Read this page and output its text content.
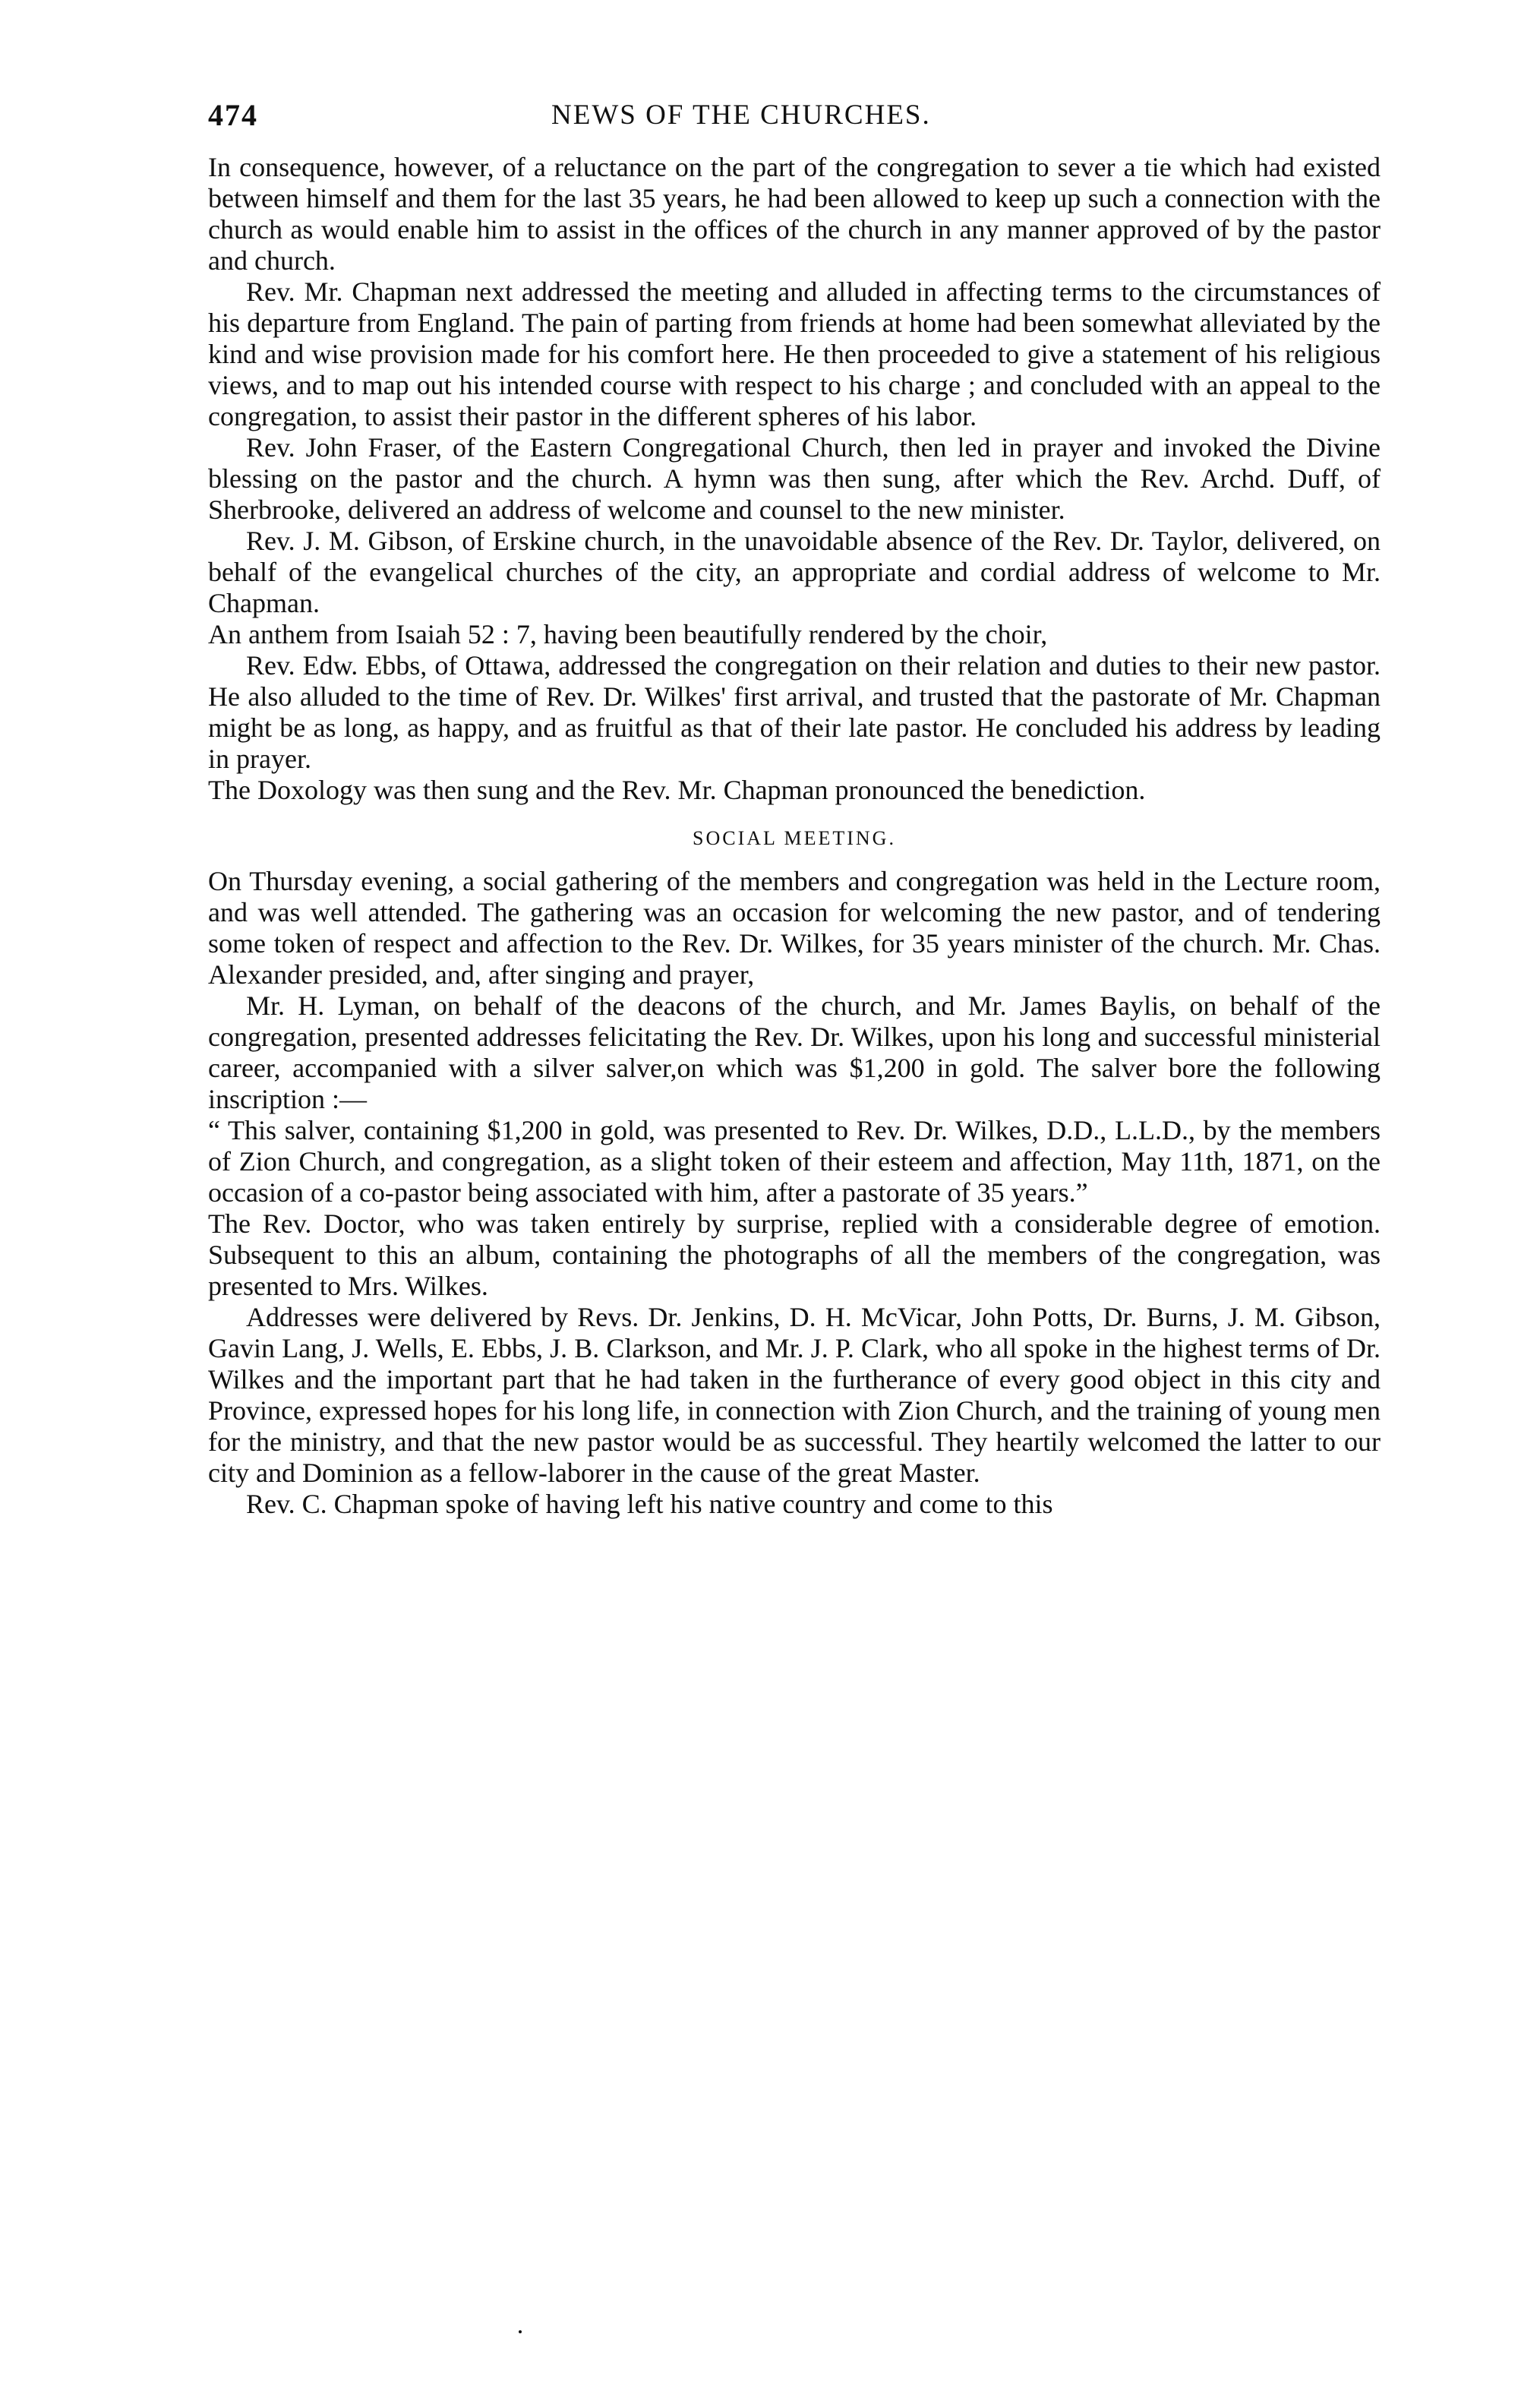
474	NEWS OF THE CHURCHES.

In consequence, however, of a reluctance on the part of the congregation to sever a tie which had existed between himself and them for the last 35 years, he had been allowed to keep up such a connection with the church as would enable him to assist in the offices of the church in any manner approved of by the pastor and church.

Rev. Mr. Chapman next addressed the meeting and alluded in affecting terms to the circumstances of his departure from England. The pain of parting from friends at home had been somewhat alleviated by the kind and wise provision made for his comfort here. He then proceeded to give a statement of his religious views, and to map out his intended course with respect to his charge ; and concluded with an appeal to the congregation, to assist their pastor in the different spheres of his labor.

Rev. John Fraser, of the Eastern Congregational Church, then led in prayer and invoked the Divine blessing on the pastor and the church. A hymn was then sung, after which the Rev. Archd. Duff, of Sherbrooke, delivered an address of welcome and counsel to the new minister.

Rev. J. M. Gibson, of Erskine church, in the unavoidable absence of the Rev. Dr. Taylor, delivered, on behalf of the evangelical churches of the city, an appropriate and cordial address of welcome to Mr. Chapman.

An anthem from Isaiah 52 : 7, having been beautifully rendered by the choir,

Rev. Edw. Ebbs, of Ottawa, addressed the congregation on their relation and duties to their new pastor. He also alluded to the time of Rev. Dr. Wilkes' first arrival, and trusted that the pastorate of Mr. Chapman might be as long, as happy, and as fruitful as that of their late pastor. He concluded his address by leading in prayer.

The Doxology was then sung and the Rev. Mr. Chapman pronounced the benediction.

SOCIAL MEETING.

On Thursday evening, a social gathering of the members and congregation was held in the Lecture room, and was well attended. The gathering was an occasion for welcoming the new pastor, and of tendering some token of respect and affection to the Rev. Dr. Wilkes, for 35 years minister of the church. Mr. Chas. Alexander presided, and, after singing and prayer,

Mr. H. Lyman, on behalf of the deacons of the church, and Mr. James Baylis, on behalf of the congregation, presented addresses felicitating the Rev. Dr. Wilkes, upon his long and successful ministerial career, accompanied with a silver salver,on which was $1,200 in gold. The salver bore the following inscription :—

“ This salver, containing $1,200 in gold, was presented to Rev. Dr. Wilkes, D.D., L.L.D., by the members of Zion Church, and congregation, as a slight token of their esteem and affection, May 11th, 1871, on the occasion of a co-pastor being associated with him, after a pastorate of 35 years.”

The Rev. Doctor, who was taken entirely by surprise, replied with a considerable degree of emotion. Subsequent to this an album, containing the photographs of all the members of the congregation, was presented to Mrs. Wilkes.

Addresses were delivered by Revs. Dr. Jenkins, D. H. McVicar, John Potts, Dr. Burns, J. M. Gibson, Gavin Lang, J. Wells, E. Ebbs, J. B. Clarkson, and Mr. J. P. Clark, who all spoke in the highest terms of Dr. Wilkes and the important part that he had taken in the furtherance of every good object in this city and Province, expressed hopes for his long life, in connection with Zion Church, and the training of young men for the ministry, and that the new pastor would be as successful. They heartily welcomed the latter to our city and Dominion as a fellow-laborer in the cause of the great Master.

Rev. C. Chapman spoke of having left his native country and come to this
